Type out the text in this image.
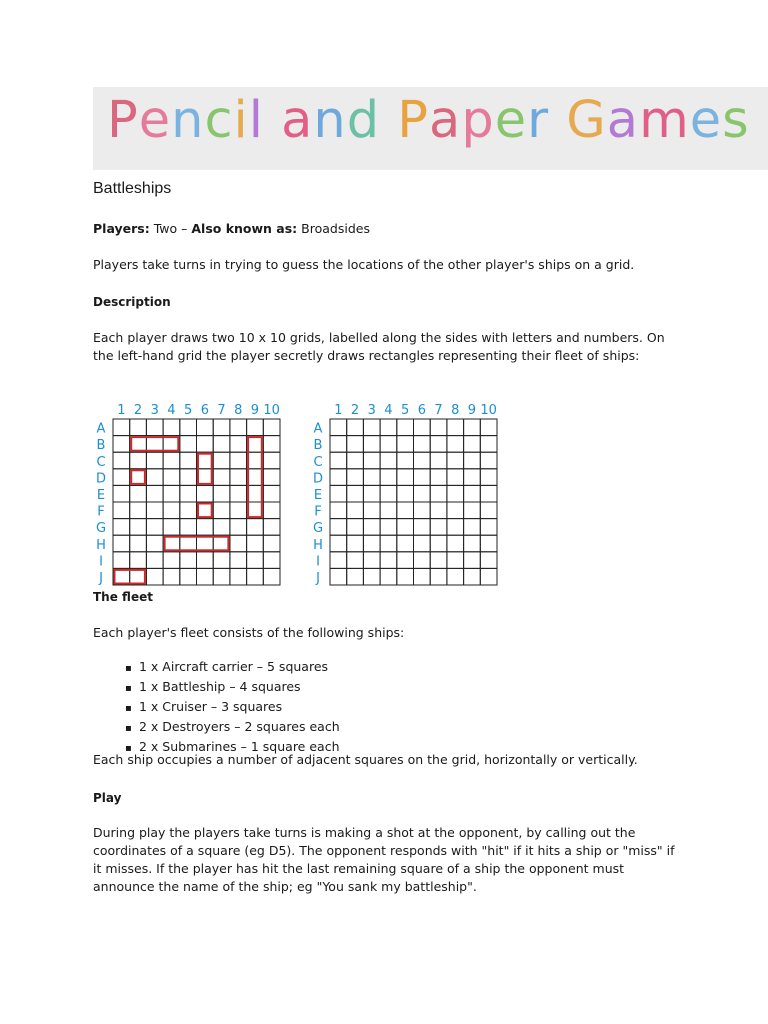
Pencil and Paper Games
Battleships

Players: Two – Also known as: Broadsides

Players take turns in trying to guess the locations of the other player's ships on a grid.

Description

Each player draws two 10 x 10 grids, labelled along the sides with letters and numbers. On the left-hand grid the player secretly draws rectangles representing their fleet of ships:

1 2 3 4 5 6 7 8 9 10
A
B
C
D
E
F
G
H
I
J
1 2 3 4 5 6 7 8 9 10
A
B
C
D
E
F
G
H
I
J

The fleet

Each player's fleet consists of the following ships:

▪ 1 x Aircraft carrier – 5 squares
▪ 1 x Battleship – 4 squares
▪ 1 x Cruiser – 3 squares
▪ 2 x Destroyers – 2 squares each
▪ 2 x Submarines – 1 square each

Each ship occupies a number of adjacent squares on the grid, horizontally or vertically.

Play

During play the players take turns is making a shot at the opponent, by calling out the coordinates of a square (eg D5). The opponent responds with "hit" if it hits a ship or "miss" if it misses. If the player has hit the last remaining square of a ship the opponent must announce the name of the ship; eg "You sank my battleship".
